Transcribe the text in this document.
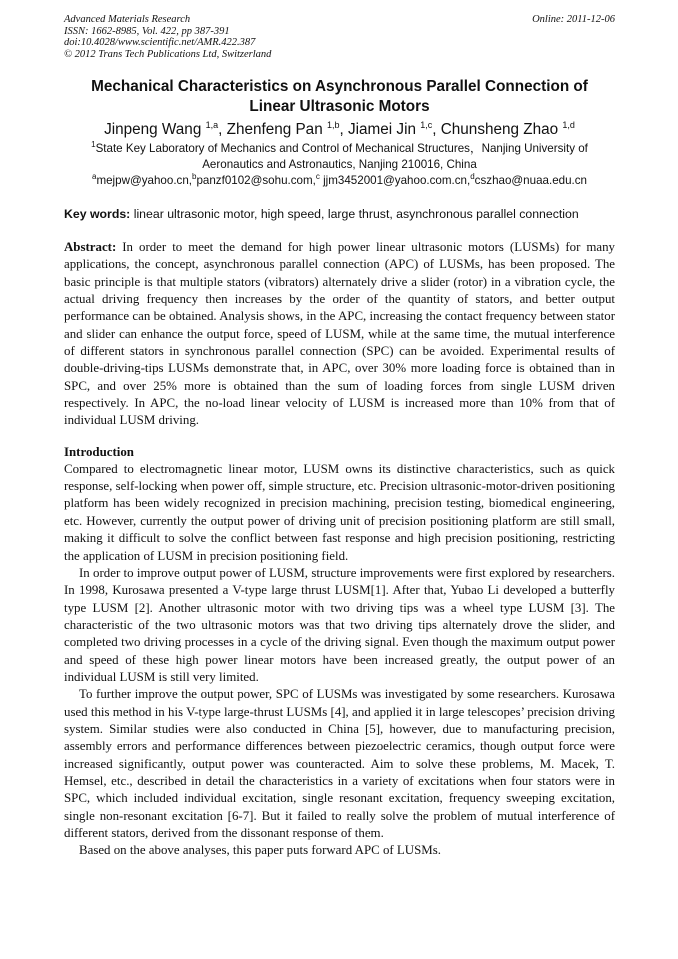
Advanced Materials Research
ISSN: 1662-8985, Vol. 422, pp 387-391
doi:10.4028/www.scientific.net/AMR.422.387
© 2012 Trans Tech Publications Ltd, Switzerland
Online: 2011-12-06
Mechanical Characteristics on Asynchronous Parallel Connection of
Linear Ultrasonic Motors
Jinpeng Wang $^{1,a}$, Zhenfeng Pan $^{1,b}$, Jiamei Jin $^{1,c}$, Chunsheng Zhao $^{1,d}$
$^1$State Key Laboratory of Mechanics and Control of Mechanical Structures，Nanjing University of
Aeronautics and Astronautics, Nanjing 210016, China
$^a$mejpw@yahoo.cn,$^b$panzf0102@sohu.com,$^c$ jjm3452001@yahoo.com.cn,$^d$cszhao@nuaa.edu.cn
Key words: linear ultrasonic motor, high speed, large thrust, asynchronous parallel connection

Abstract: In order to meet the demand for high power linear ultrasonic motors (LUSMs) for many applications, the concept, asynchronous parallel connection (APC) of LUSMs, has been proposed. The basic principle is that multiple stators (vibrators) alternately drive a slider (rotor) in a vibration cycle, the actual driving frequency then increases by the order of the quantity of stators, and better output performance can be obtained. Analysis shows, in the APC, increasing the contact frequency between stator and slider can enhance the output force, speed of LUSM, while at the same time, the mutual interference of different stators in synchronous parallel connection (SPC) can be avoided. Experimental results of double-driving-tips LUSMs demonstrate that, in APC, over 30% more loading force is obtained than in SPC, and over 25% more is obtained than the sum of loading forces from single LUSM driven respectively. In APC, the no-load linear velocity of LUSM is increased more than 10% from that of individual LUSM driving.

Introduction

Compared to electromagnetic linear motor, LUSM owns its distinctive characteristics, such as quick response, self-locking when power off, simple structure, etc. Precision ultrasonic-motor-driven positioning platform has been widely recognized in precision machining, precision testing, biomedical engineering, etc. However, currently the output power of driving unit of precision positioning platform are still small, making it difficult to solve the conflict between fast response and high precision positioning, restricting the application of LUSM in precision positioning field.

In order to improve output power of LUSM, structure improvements were first explored by researchers. In 1998, Kurosawa presented a V-type large thrust LUSM[1]. After that, Yubao Li developed a butterfly type LUSM [2]. Another ultrasonic motor with two driving tips was a wheel type LUSM [3]. The characteristic of the two ultrasonic motors was that two driving tips alternately drove the slider, and completed two driving processes in a cycle of the driving signal. Even though the maximum output power and speed of these high power linear motors have been increased greatly, the output power of an individual LUSM is still very limited.

To further improve the output power, SPC of LUSMs was investigated by some researchers. Kurosawa used this method in his V-type large-thrust LUSMs [4], and applied it in large telescopes’ precision driving system. Similar studies were also conducted in China [5], however, due to manufacturing precision, assembly errors and performance differences between piezoelectric ceramics, though output force were increased significantly, output power was counteracted. Aim to solve these problems, M. Macek, T. Hemsel, etc., described in detail the characteristics in a variety of excitations when four stators were in SPC, which included individual excitation, single resonant excitation, frequency sweeping excitation, single non-resonant excitation [6-7]. But it failed to really solve the problem of mutual interference of different stators, derived from the dissonant response of them.

Based on the above analyses, this paper puts forward APC of LUSMs.
